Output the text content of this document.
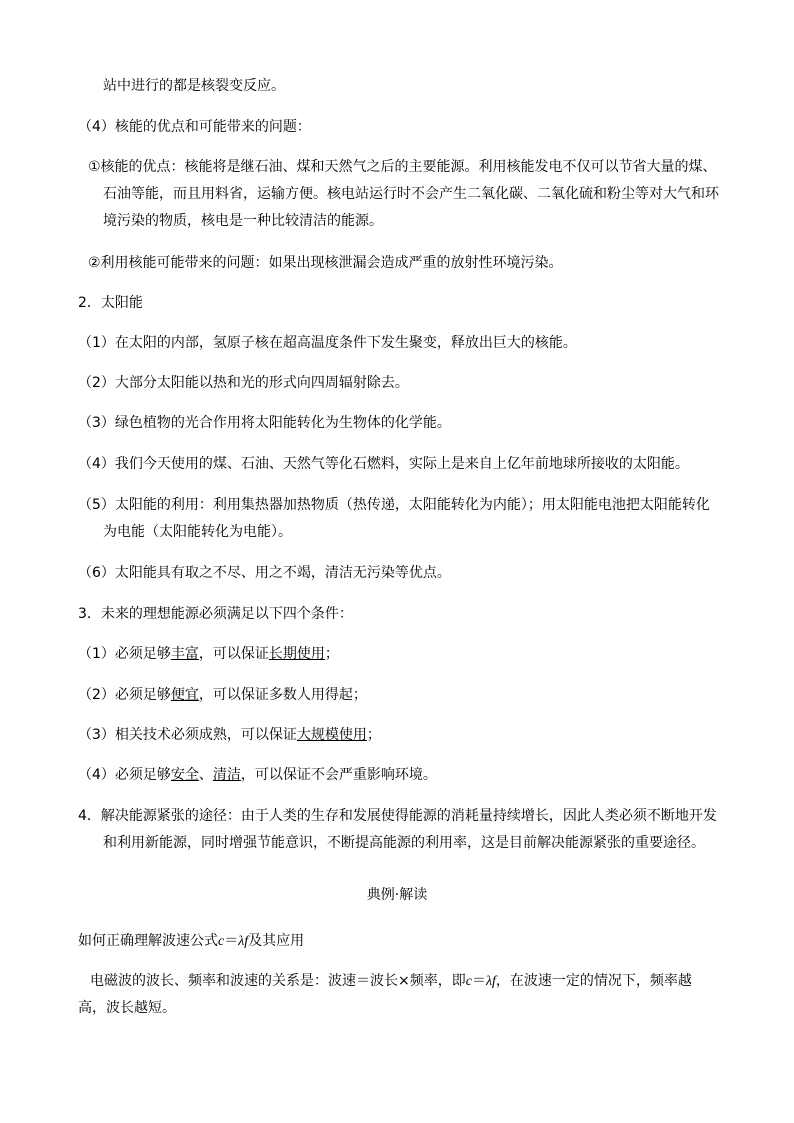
站中进行的都是核裂变反应。
（4）核能的优点和可能带来的问题：
①核能的优点：核能将是继石油、煤和天然气之后的主要能源。利用核能发电不仅可以节省大量的煤、
石油等能，而且用料省，运输方便。核电站运行时不会产生二氧化碳、二氧化硫和粉尘等对大气和环
境污染的物质，核电是一种比较清洁的能源。
②利用核能可能带来的问题：如果出现核泄漏会造成严重的放射性环境污染。
2．太阳能
（1）在太阳的内部，氢原子核在超高温度条件下发生聚变，释放出巨大的核能。
（2）大部分太阳能以热和光的形式向四周辐射除去。
（3）绿色植物的光合作用将太阳能转化为生物体的化学能。
（4）我们今天使用的煤、石油、天然气等化石燃料，实际上是来自上亿年前地球所接收的太阳能。
（5）太阳能的利用：利用集热器加热物质（热传递，太阳能转化为内能）；用太阳能电池把太阳能转化
为电能（太阳能转化为电能）。
（6）太阳能具有取之不尽、用之不竭，清洁无污染等优点。
3．未来的理想能源必须满足以下四个条件：
（1）必须足够丰富，可以保证长期使用；
（2）必须足够便宜，可以保证多数人用得起；
（3）相关技术必须成熟，可以保证大规模使用；
（4）必须足够安全、清洁，可以保证不会严重影响环境。
4．解决能源紧张的途径：由于人类的生存和发展使得能源的消耗量持续增长，因此人类必须不断地开发
和利用新能源，同时增强节能意识，不断提高能源的利用率，这是目前解决能源紧张的重要途径。
典例·解读
如何正确理解波速公式c＝λf及其应用
电磁波的波长、频率和波速的关系是：波速＝波长×频率，即c＝λf，在波速一定的情况下，频率越
高，波长越短。
